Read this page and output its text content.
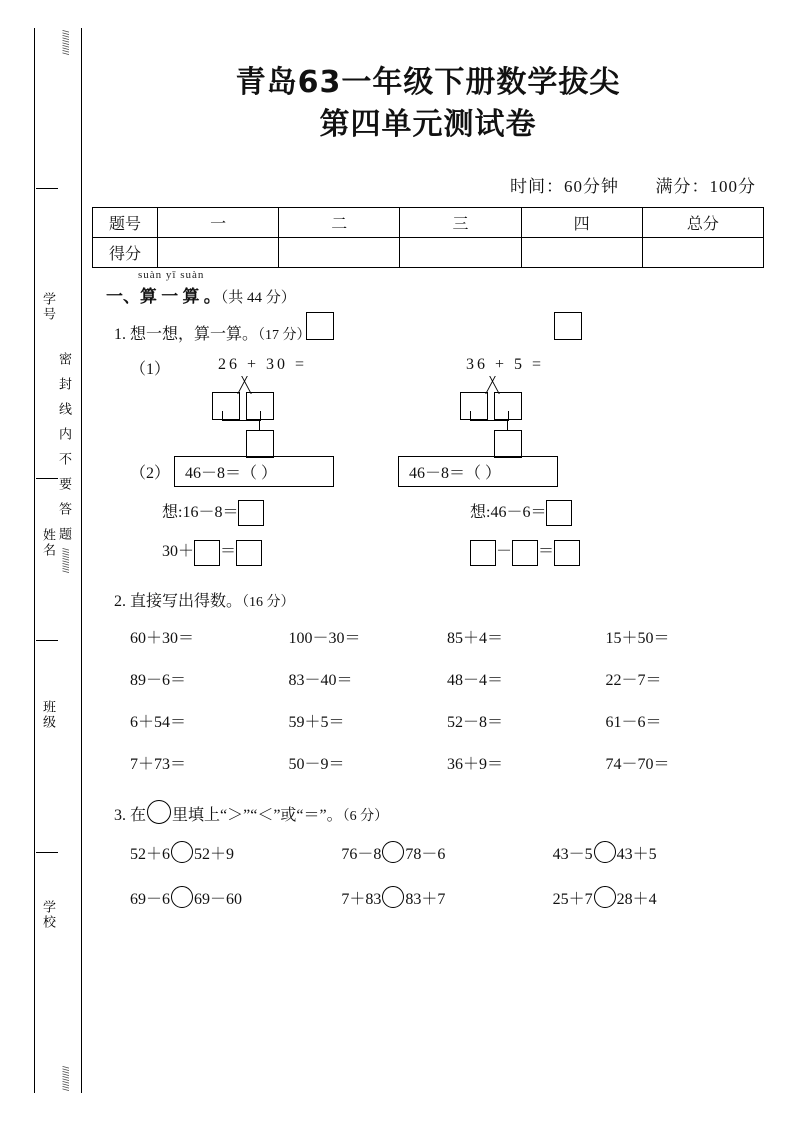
//////////
//////////
//////////
学号
姓名
班级
学校
密封线内不要答题
青岛63一年级下册数学拔尖
第四单元测试卷
时间：60分钟 满分：100分
题号	一	二	三	四	总分
得分					
suàn yī suàn
一、算 一 算 。（共 44 分）
1. 想一想，算一算。（17 分）
（1）	26 + 30 =
	36 + 5 =

（2） 46－8＝（ ）	46－8＝（ ）
想:16－8＝	想:46－6＝
30＋ ＝	－ ＝
2. 直接写出得数。（16 分）
60＋30＝	100－30＝	85＋4＝	15＋50＝
89－6＝	83－40＝	48－4＝	22－7＝
6＋54＝	59＋5＝	52－8＝	61－6＝
7＋73＝	50－9＝	36＋9＝	74－70＝
3. 在 里填上“＞”“＜”或“＝”。（6 分）
52＋6 52＋9	76－8 78－6	43－5 43＋5
69－6 69－60	7＋83 83＋7	25＋7 28＋4
